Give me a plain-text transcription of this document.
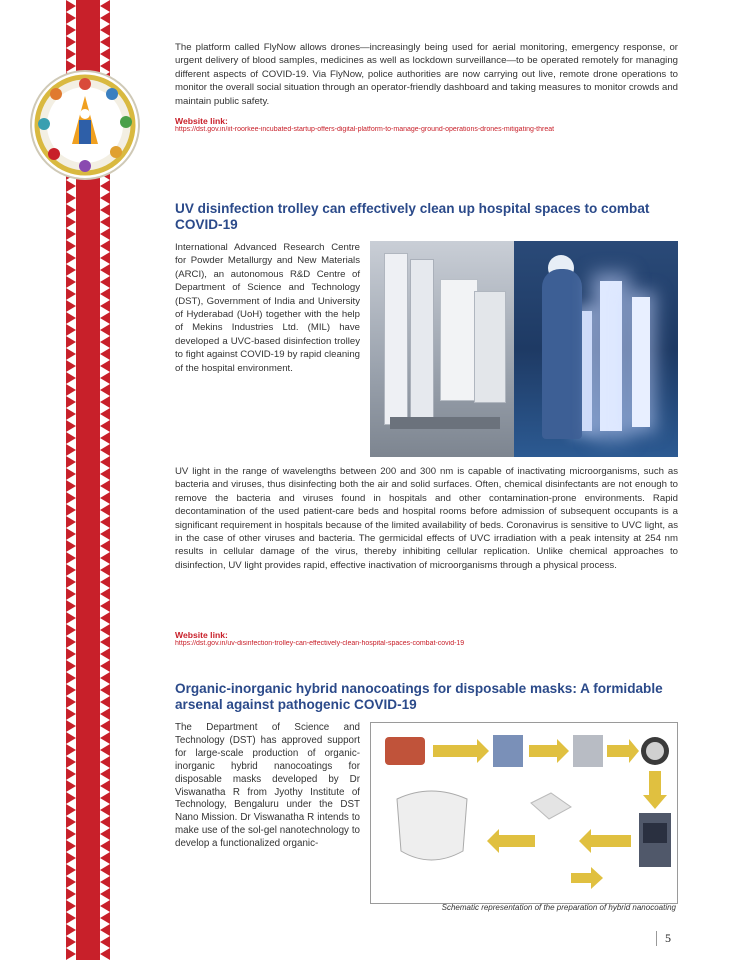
The platform called FlyNow allows drones—increasingly being used for aerial monitoring, emergency response, or urgent delivery of blood samples, medicines as well as lockdown surveillance—to be operated remotely for managing different aspects of COVID-19. Via FlyNow, police authorities are now carrying out live, remote drone operations to monitor the overall social situation through an operator-friendly dashboard and taking measures to monitor crowds and maintain public safety.

Website link:

https://dst.gov.in/iit-roorkee-incubated-startup-offers-digital-platform-to-manage-ground-operations-drones-mitigating-threat

UV disinfection trolley can effectively clean up hospital spaces to combat COVID-19

International Advanced Research Centre for Powder Metallurgy and New Materials (ARCI), an autonomous R&D Centre of Department of Science and Technology (DST), Government of India and University of Hyderabad (UoH) together with the help of Mekins Industries Ltd. (MIL) have developed a UVC-based disinfection trolley to fight against COVID-19 by rapid cleaning of the hospital environment.

UV light in the range of wavelengths between 200 and 300 nm is capable of inactivating microorganisms, such as bacteria and viruses, thus disinfecting both the air and solid surfaces. Often, chemical disinfectants are not enough to remove the bacteria and viruses found in hospitals and other contamination-prone environments. Rapid decontamination of the used patient-care beds and hospital rooms before admission of subsequent occupants is a significant requirement in hospitals because of the limited availability of beds. Coronavirus is sensitive to UVC light, as in the case of other viruses and bacteria. The germicidal effects of UVC irradiation with a peak intensity at 254 nm results in cellular damage of the virus, thereby inhibiting cellular replication. Unlike chemical approaches to disinfection, UV light provides rapid, effective inactivation of microorganisms through a physical process.

Website link:

https://dst.gov.in/uv-disinfection-trolley-can-effectively-clean-hospital-spaces-combat-covid-19

Organic-inorganic hybrid nanocoatings for disposable masks: A formidable arsenal against pathogenic COVID-19

The Department of Science and Technology (DST) has approved support for large-scale production of organic-inorganic hybrid nanocoatings for disposable masks developed by Dr Viswanatha R from Jyothy Institute of Technology, Bengaluru under the DST Nano Mission. Dr Viswanatha R intends to make use of the sol-gel nanotechnology to develop a functionalized organic-

Schematic representation of the preparation of hybrid nanocoating

5
